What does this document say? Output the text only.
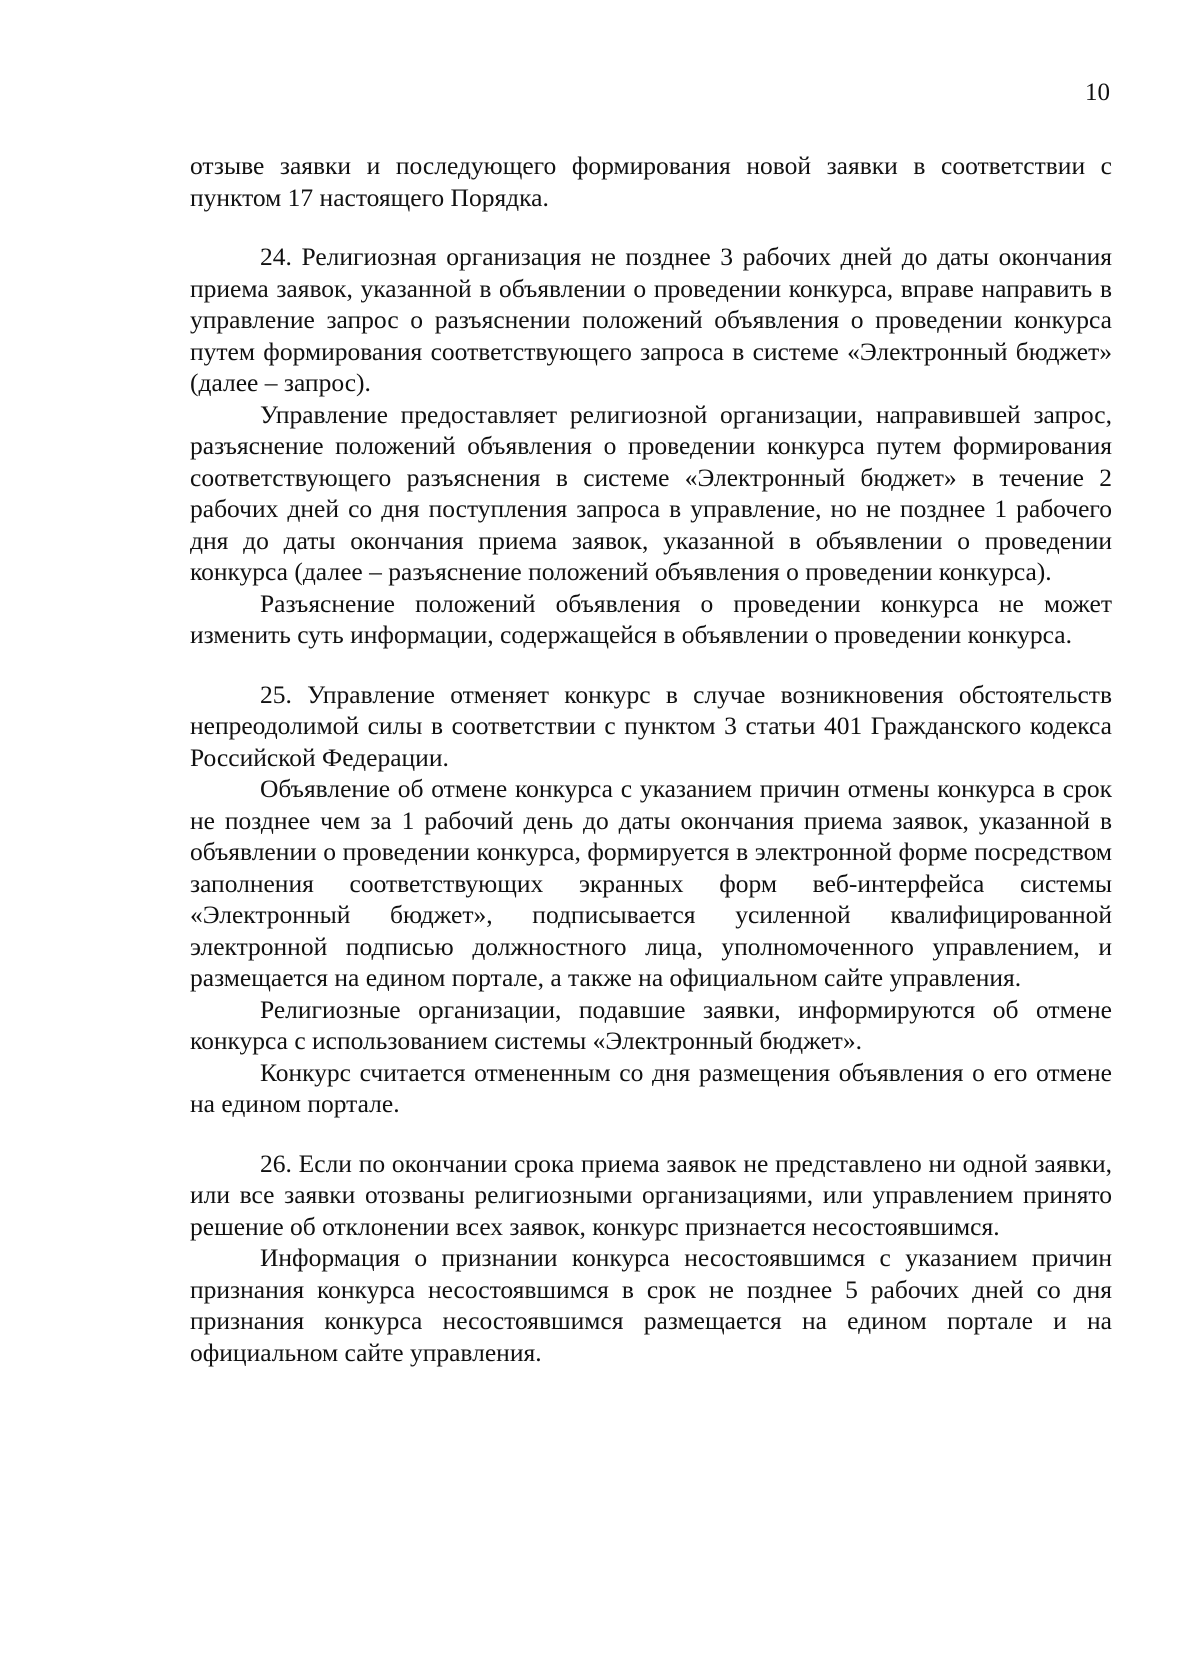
10

отзыве заявки и последующего формирования новой заявки в соответствии с пунктом 17 настоящего Порядка.

24. Религиозная организация не позднее 3 рабочих дней до даты окончания приема заявок, указанной в объявлении о проведении конкурса, вправе направить в управление запрос о разъяснении положений объявления о проведении конкурса путем формирования соответствующего запроса в системе «Электронный бюджет» (далее – запрос).

Управление предоставляет религиозной организации, направившей запрос, разъяснение положений объявления о проведении конкурса путем формирования соответствующего разъяснения в системе «Электронный бюджет» в течение 2 рабочих дней со дня поступления запроса в управление, но не позднее 1 рабочего дня до даты окончания приема заявок, указанной в объявлении о проведении конкурса (далее – разъяснение положений объявления о проведении конкурса).

Разъяснение положений объявления о проведении конкурса не может изменить суть информации, содержащейся в объявлении о проведении конкурса.

25. Управление отменяет конкурс в случае возникновения обстоятельств непреодолимой силы в соответствии с пунктом 3 статьи 401 Гражданского кодекса Российской Федерации.

Объявление об отмене конкурса с указанием причин отмены конкурса в срок не позднее чем за 1 рабочий день до даты окончания приема заявок, указанной в объявлении о проведении конкурса, формируется в электронной форме посредством заполнения соответствующих экранных форм веб-интерфейса системы «Электронный бюджет», подписывается усиленной квалифицированной электронной подписью должностного лица, уполномоченного управлением, и размещается на едином портале, а также на официальном сайте управления.

Религиозные организации, подавшие заявки, информируются об отмене конкурса с использованием системы «Электронный бюджет».

Конкурс считается отмененным со дня размещения объявления о его отмене на едином портале.

26. Если по окончании срока приема заявок не представлено ни одной заявки, или все заявки отозваны религиозными организациями, или управлением принято решение об отклонении всех заявок, конкурс признается несостоявшимся.

Информация о признании конкурса несостоявшимся с указанием причин признания конкурса несостоявшимся в срок не позднее 5 рабочих дней со дня признания конкурса несостоявшимся размещается на едином портале и на официальном сайте управления.
